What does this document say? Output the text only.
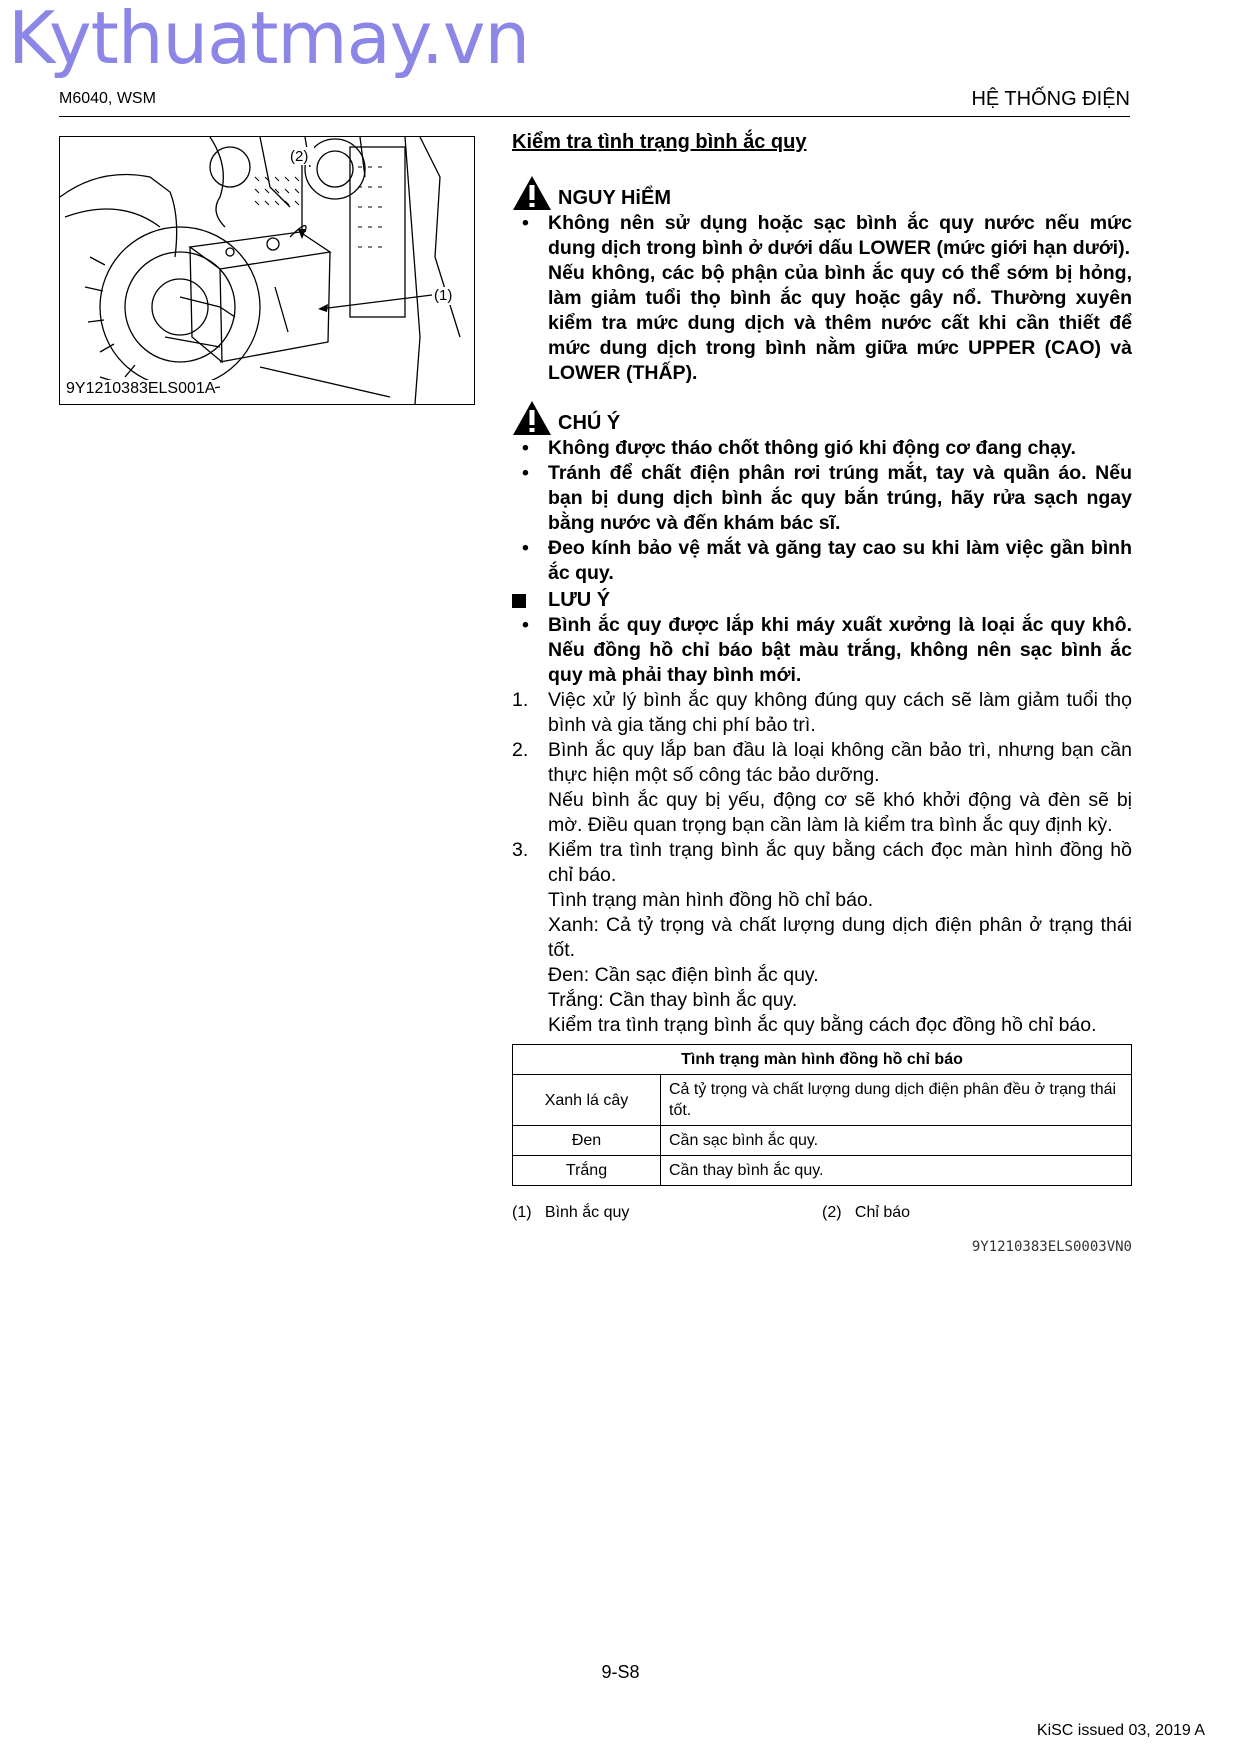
Kythuatmay.vn
M6040, WSM	HỆ THỐNG ĐIỆN
(2)
(1)
9Y1210383ELS001A
Kiểm tra tình trạng bình ắc quy
NGUY HiỂM
• Không nên sử dụng hoặc sạc bình ắc quy nước nếu mức dung dịch trong bình ở dưới dấu LOWER (mức giới hạn dưới).
Nếu không, các bộ phận của bình ắc quy có thể sớm bị hỏng, làm giảm tuổi thọ bình ắc quy hoặc gây nổ. Thường xuyên kiểm tra mức dung dịch và thêm nước cất khi cần thiết để mức dung dịch trong bình nằm giữa mức UPPER (CAO) và LOWER (THẤP).
CHÚ Ý
• Không được tháo chốt thông gió khi động cơ đang chạy.
• Tránh để chất điện phân rơi trúng mắt, tay và quần áo. Nếu bạn bị dung dịch bình ắc quy bắn trúng, hãy rửa sạch ngay bằng nước và đến khám bác sĩ.
• Đeo kính bảo vệ mắt và găng tay cao su khi làm việc gần bình ắc quy.
LƯU Ý
• Bình ắc quy được lắp khi máy xuất xưởng là loại ắc quy khô. Nếu đồng hồ chỉ báo bật màu trắng, không nên sạc bình ắc quy mà phải thay bình mới.
1. Việc xử lý bình ắc quy không đúng quy cách sẽ làm giảm tuổi thọ bình và gia tăng chi phí bảo trì.
2. Bình ắc quy lắp ban đầu là loại không cần bảo trì, nhưng bạn cần thực hiện một số công tác bảo dưỡng.
Nếu bình ắc quy bị yếu, động cơ sẽ khó khởi động và đèn sẽ bị mờ. Điều quan trọng bạn cần làm là kiểm tra bình ắc quy định kỳ.
3. Kiểm tra tình trạng bình ắc quy bằng cách đọc màn hình đồng hồ chỉ báo.
Tình trạng màn hình đồng hồ chỉ báo.
Xanh: Cả tỷ trọng và chất lượng dung dịch điện phân ở trạng thái tốt.
Đen: Cần sạc điện bình ắc quy.
Trắng: Cần thay bình ắc quy.
Kiểm tra tình trạng bình ắc quy bằng cách đọc đồng hồ chỉ báo.
Tình trạng màn hình đồng hồ chỉ báo	
Xanh lá cây	Cả tỷ trọng và chất lượng dung dịch điện phân đều ở trạng thái tốt.
Đen	Cần sạc bình ắc quy.
Trắng	Cần thay bình ắc quy.
(1) Bình ắc quy	(2) Chỉ báo
9Y1210383ELS0003VN0
9-S8
KiSC issued 03, 2019 A
